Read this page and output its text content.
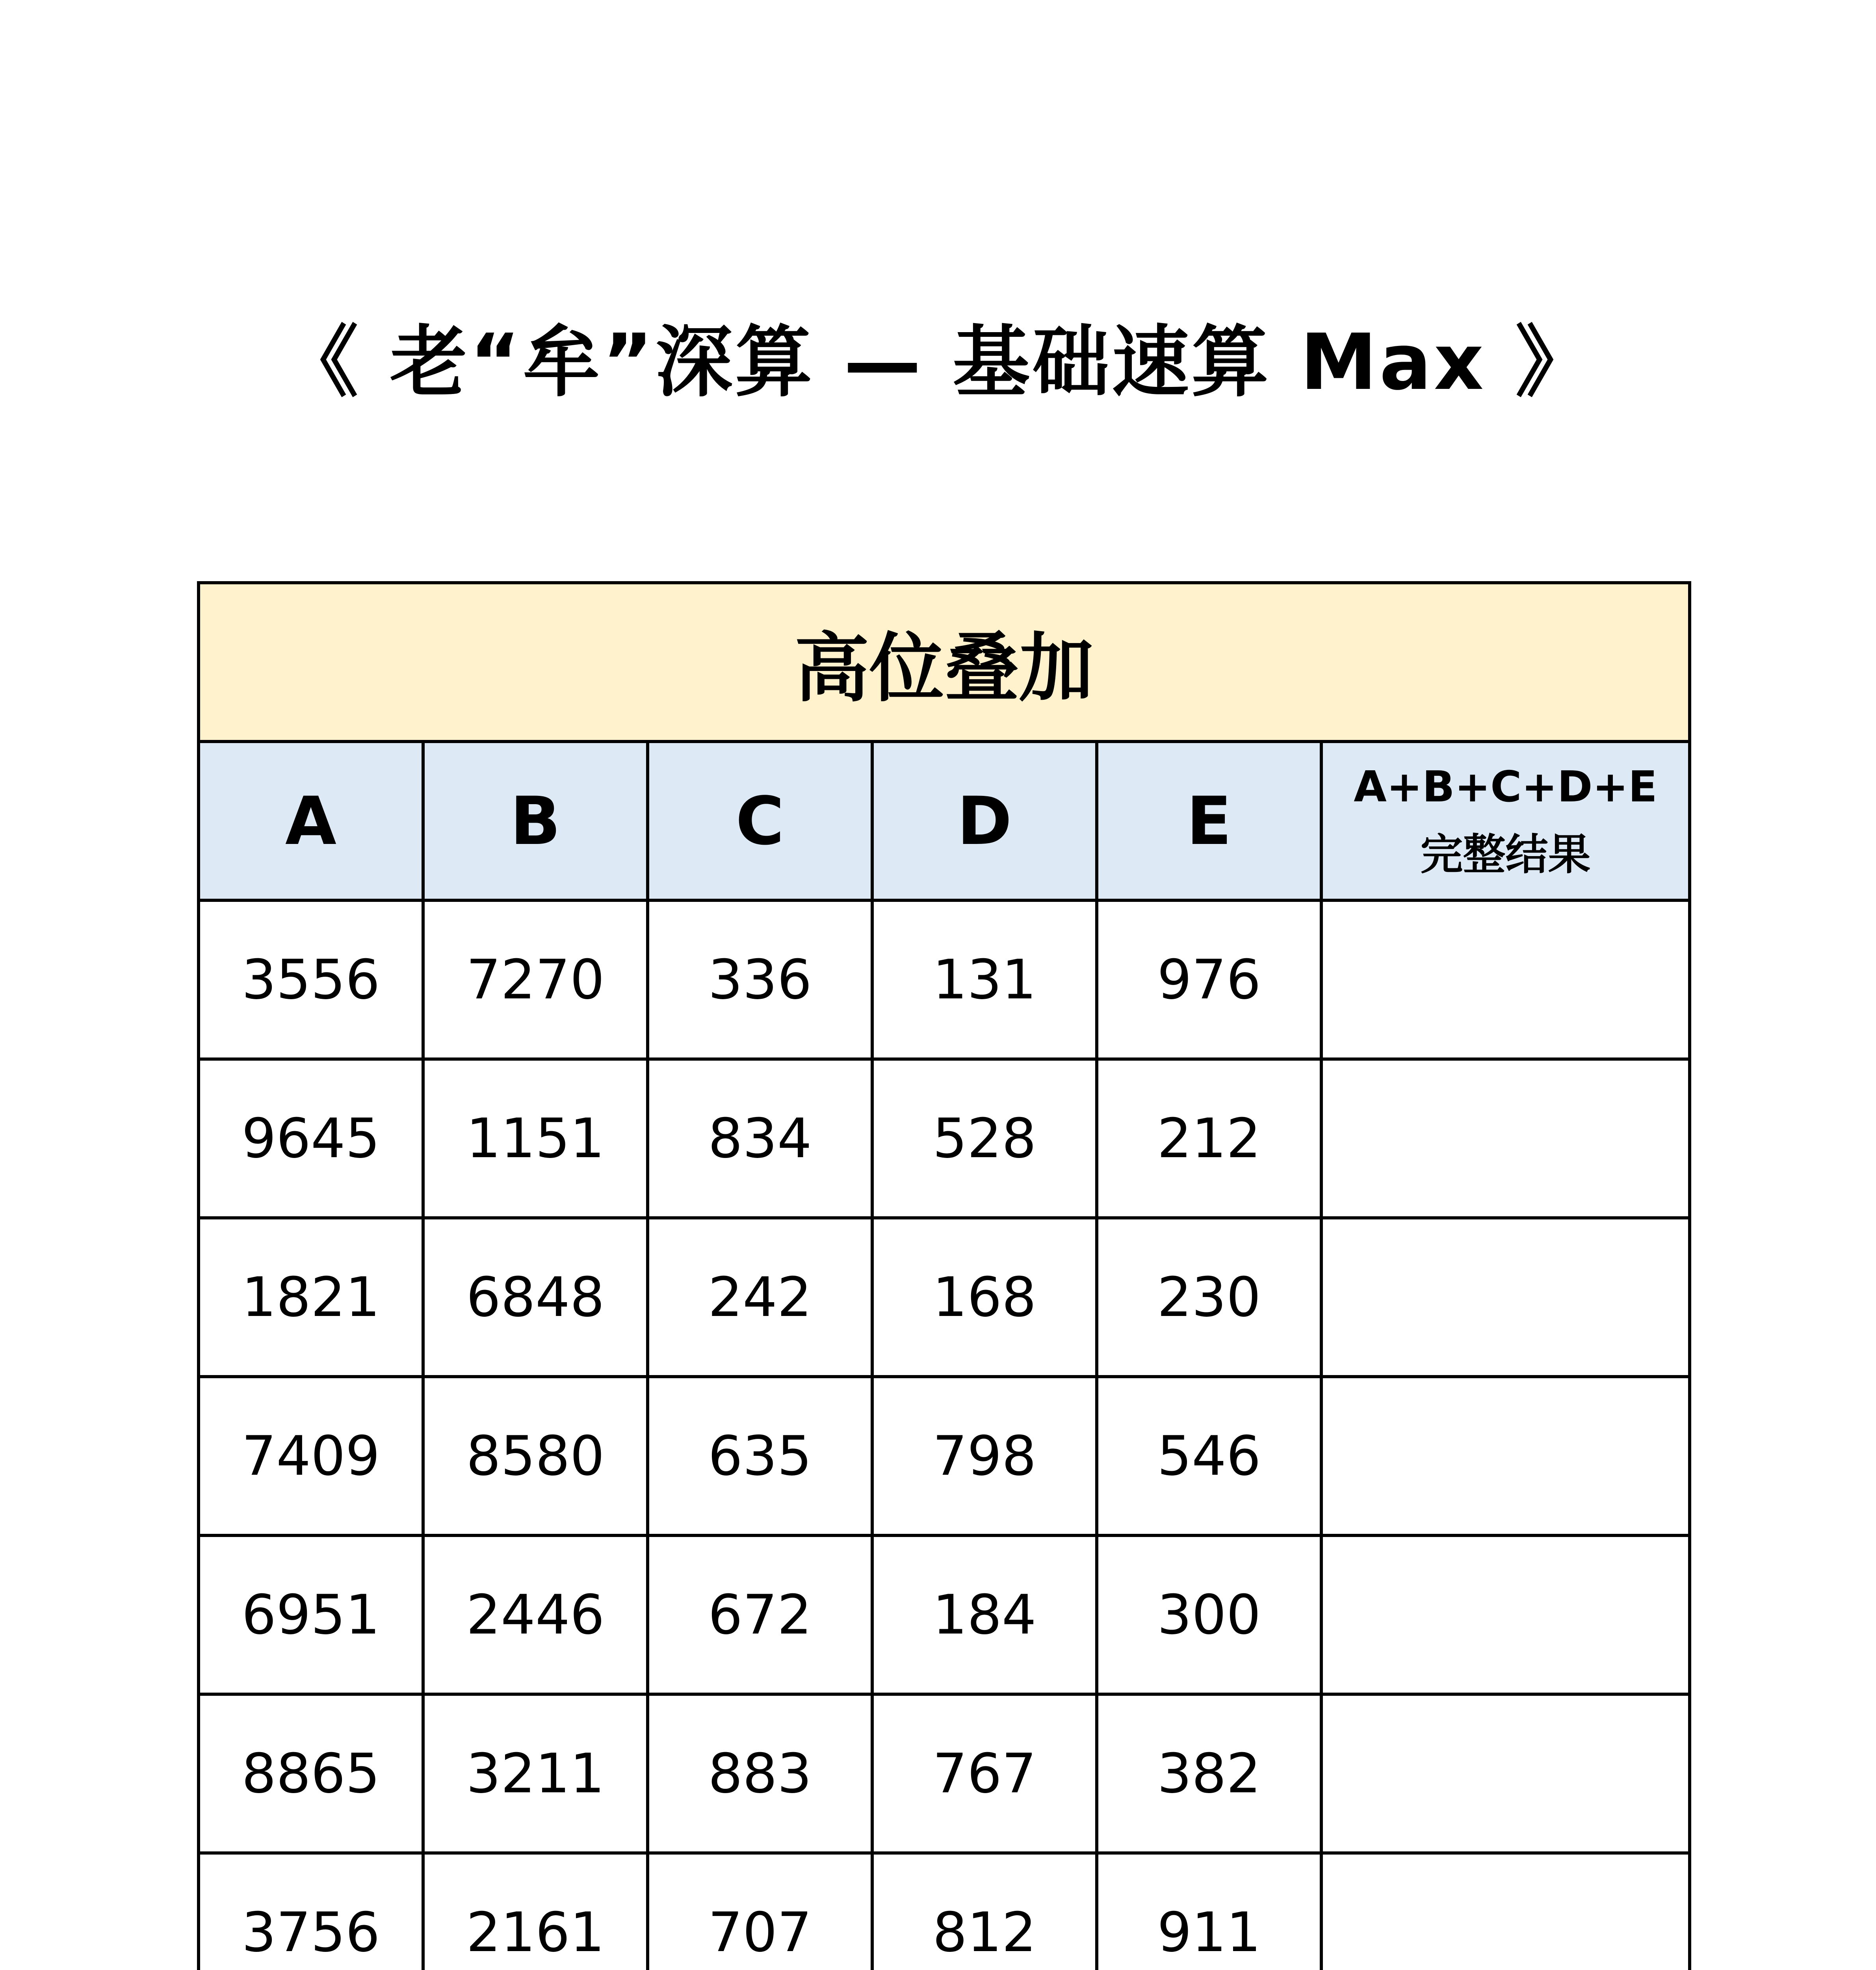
《 老“牟”深算 — 基础速算 Max 》
高位叠加					
A	B	C	D	E	A+B+C+D+E
完整结果

3556	7270	336	131	976	
9645	1151	834	528	212	
1821	6848	242	168	230	
7409	8580	635	798	546	
6951	2446	672	184	300	
8865	3211	883	767	382	
3756	2161	707	812	911	
